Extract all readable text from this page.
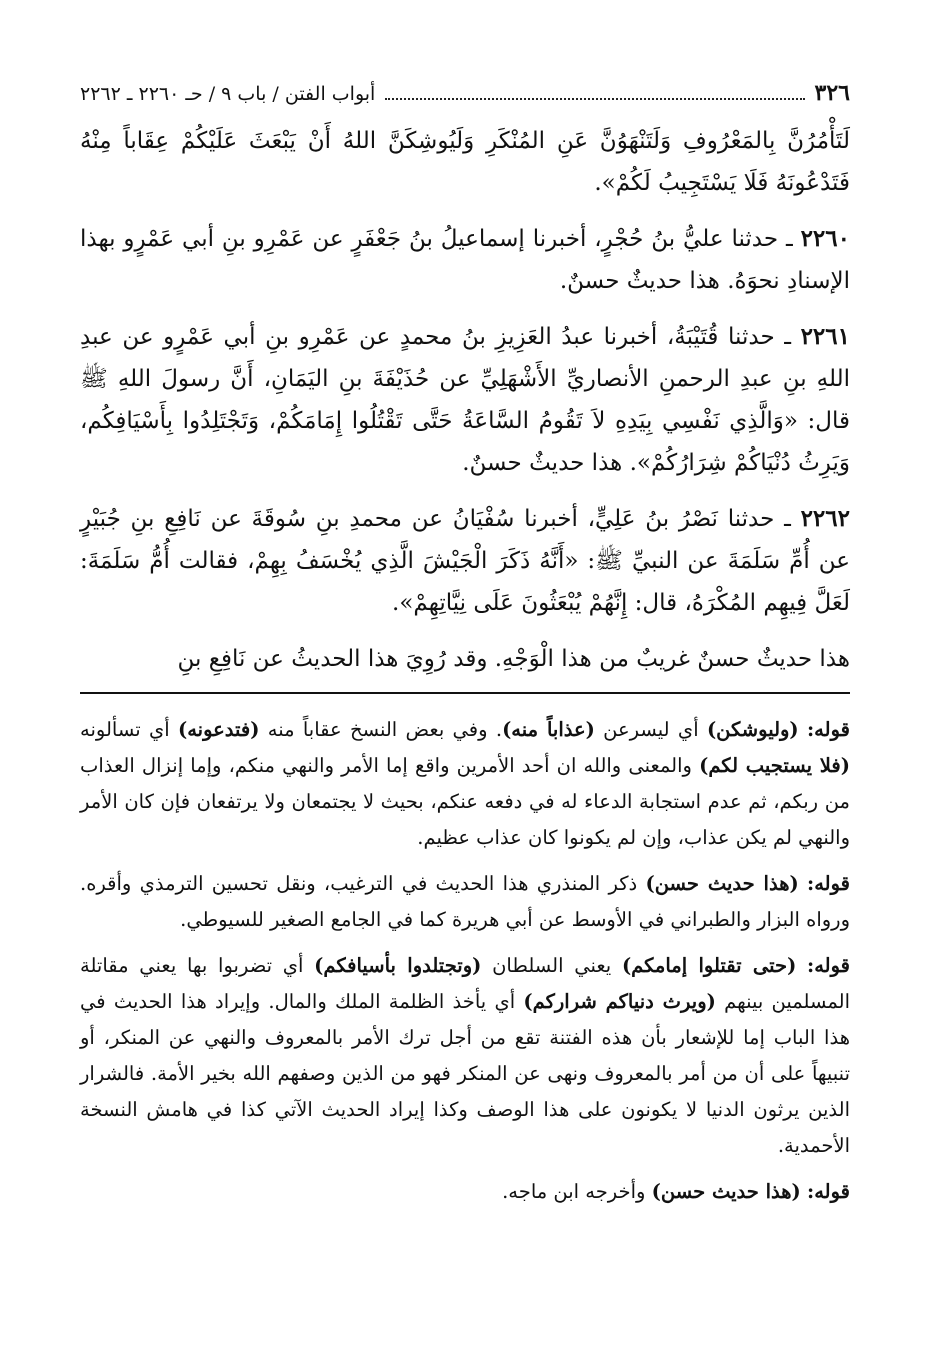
٣٢٦
أبواب الفتن / باب ٩ / حـ ٢٢٦٠ ـ ٢٢٦٢

لَتَأْمُرُنَّ بِالمَعْرُوفِ وَلَتَنْهَوُنَّ عَنِ المُنْكَرِ وَلَيُوشِكَنَّ اللهُ أَنْ يَبْعَثَ عَلَيْكُمْ عِقَاباً مِنْهُ فَتَدْعُونَهُ فَلَا يَسْتَجِيبُ لَكُمْ».

٢٢٦٠ ـ حدثنا عليُّ بنُ حُجْرٍ، أخبرنا إسماعيلُ بنُ جَعْفَرٍ عن عَمْرِو بنِ أبي عَمْرٍو بهذا الإسنادِ نحوَهُ. هذا حديثٌ حسنٌ.

٢٢٦١ ـ حدثنا قُتَيْبَةُ، أخبرنا عبدُ العَزِيزِ بنُ محمدٍ عن عَمْرِو بنِ أبي عَمْرٍو عن عبدِ اللهِ بنِ عبدِ الرحمنِ الأنصاريِّ الأَشْهَلِيِّ عن حُذَيْفَةَ بنِ اليَمَانِ، أَنَّ رسولَ اللهِ ﷺ قال: «وَالَّذِي نَفْسِي بِيَدِهِ لاَ تَقُومُ السَّاعَةُ حَتَّى تَقْتُلُوا إِمَامَكُمْ، وَتَجْتَلِدُوا بِأَسْيَافِكُم، وَيَرِثُ دُنْيَاكُمْ شِرَارُكُمْ». هذا حديثٌ حسنٌ.

٢٢٦٢ ـ حدثنا نَصْرُ بنُ عَلِيٍّ، أخبرنا سُفْيَانُ عن محمدِ بنِ سُوقَةَ عن نَافِعِ بنِ جُبَيْرٍ عن أُمِّ سَلَمَةَ عن النبيِّ ﷺ: «أَنَّهُ ذَكَرَ الْجَيْشَ الَّذِي يُخْسَفُ بِهِمْ، فقالت أُمُّ سَلَمَةَ: لَعَلَّ فِيهِم المُكْرَهُ، قال: إِنَّهُمْ يُبْعَثُونَ عَلَى نِيَّاتِهِمْ».

هذا حديثٌ حسنٌ غريبٌ من هذا الْوَجْهِ. وقد رُوِيَ هذا الحديثُ عن نَافِعِ بنِ

قوله: (وليوشكن) أي ليسرعن (عذاباً منه). وفي بعض النسخ عقاباً منه (فتدعونه) أي تسألونه (فلا يستجيب لكم) والمعنى والله ان أحد الأمرين واقع إما الأمر والنهي منكم، وإما إنزال العذاب من ربكم، ثم عدم استجابة الدعاء له في دفعه عنكم، بحيث لا يجتمعان ولا يرتفعان فإن كان الأمر والنهي لم يكن عذاب، وإن لم يكونوا كان عذاب عظيم.

قوله: (هذا حديث حسن) ذكر المنذري هذا الحديث في الترغيب، ونقل تحسين الترمذي وأقره. ورواه البزار والطبراني في الأوسط عن أبي هريرة كما في الجامع الصغير للسيوطي.

قوله: (حتى تقتلوا إمامكم) يعني السلطان (وتجتلدوا بأسيافكم) أي تضربوا بها يعني مقاتلة المسلمين بينهم (ويرث دنياكم شراركم) أي يأخذ الظلمة الملك والمال. وإيراد هذا الحديث في هذا الباب إما للإشعار بأن هذه الفتنة تقع من أجل ترك الأمر بالمعروف والنهي عن المنكر، أو تنبيهاً على أن من أمر بالمعروف ونهى عن المنكر فهو من الذين وصفهم الله بخير الأمة. فالشرار الذين يرثون الدنيا لا يكونون على هذا الوصف وكذا إيراد الحديث الآتي كذا في هامش النسخة الأحمدية.

قوله: (هذا حديث حسن) وأخرجه ابن ماجه.
